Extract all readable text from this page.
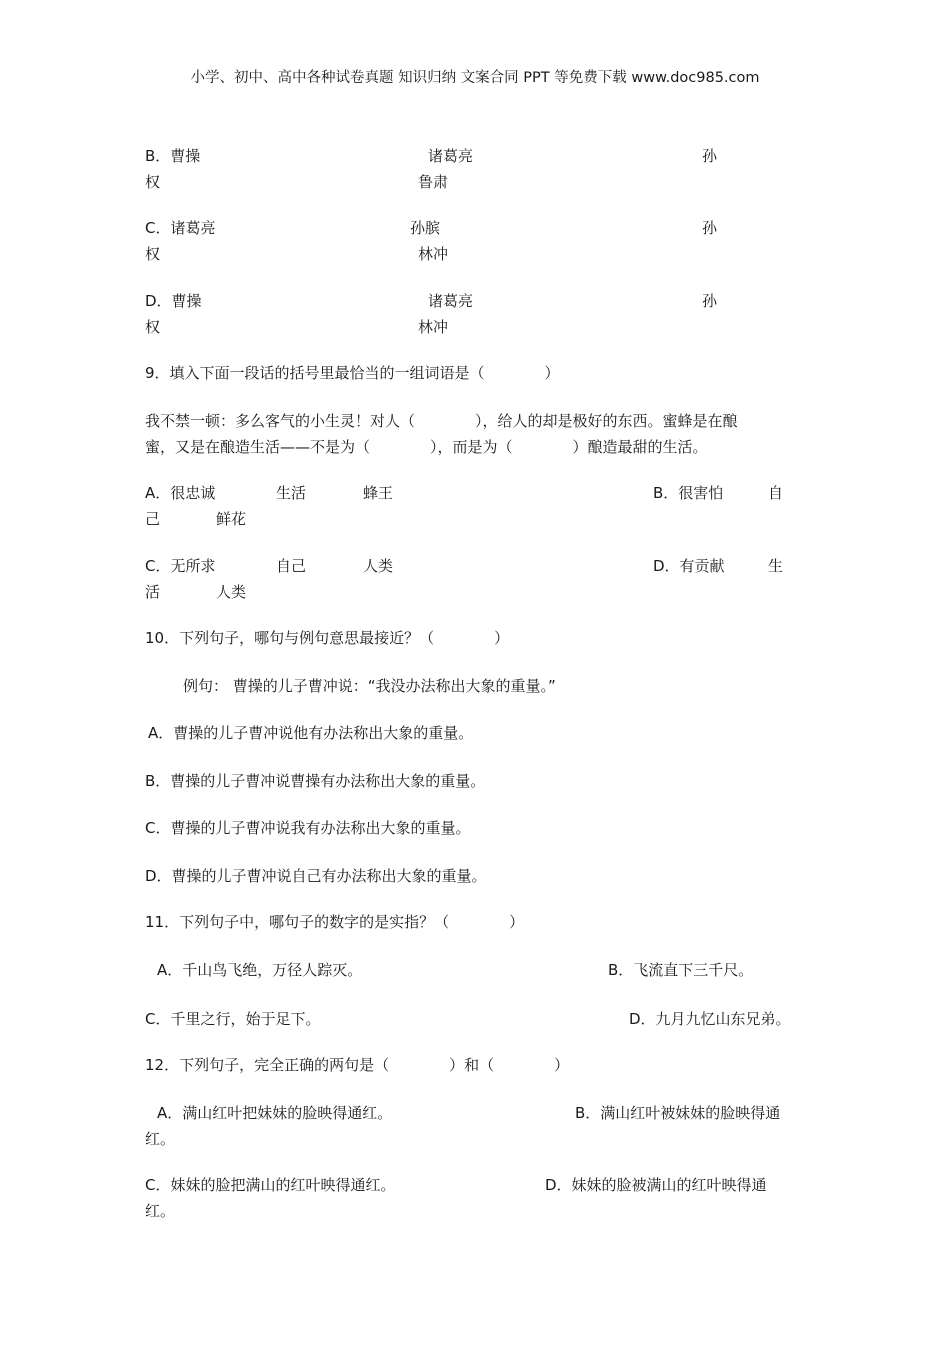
小学、初中、高中各种试卷真题 知识归纳 文案合同 PPT 等免费下载 www.doc985.com
B．曹操	诸葛亮	孙
权	鲁肃
C．诸葛亮	孙膑	孙
权	林冲
D．曹操	诸葛亮	孙
权	林冲
9．填入下面一段话的括号里最恰当的一组词语是（　　　　）
我不禁一顿：多么客气的小生灵！对人（　　　　），给人的却是极好的东西。蜜蜂是在酿
蜜，又是在酿造生活——不是为（　　　　），而是为（　　　　）酿造最甜的生活。
A．很忠诚	生活	蜂王	B．很害怕	自
己	鲜花
C．无所求	自己	人类	D．有贡献	生
活	人类
10．下列句子，哪句与例句意思最接近？（　　　　）
例句： 曹操的儿子曹冲说：“我没办法称出大象的重量。”
A．曹操的儿子曹冲说他有办法称出大象的重量。
B．曹操的儿子曹冲说曹操有办法称出大象的重量。
C．曹操的儿子曹冲说我有办法称出大象的重量。
D．曹操的儿子曹冲说自己有办法称出大象的重量。
11．下列句子中，哪句子的数字的是实指？（　　　　）
A．千山鸟飞绝，万径人踪灭。	B．飞流直下三千尺。
C．千里之行，始于足下。	D．九月九忆山东兄弟。
12．下列句子，完全正确的两句是（　　　　）和（　　　　）
A．满山红叶把妹妹的脸映得通红。	B．满山红叶被妹妹的脸映得通
红。
C．妹妹的脸把满山的红叶映得通红。	D．妹妹的脸被满山的红叶映得通
红。
